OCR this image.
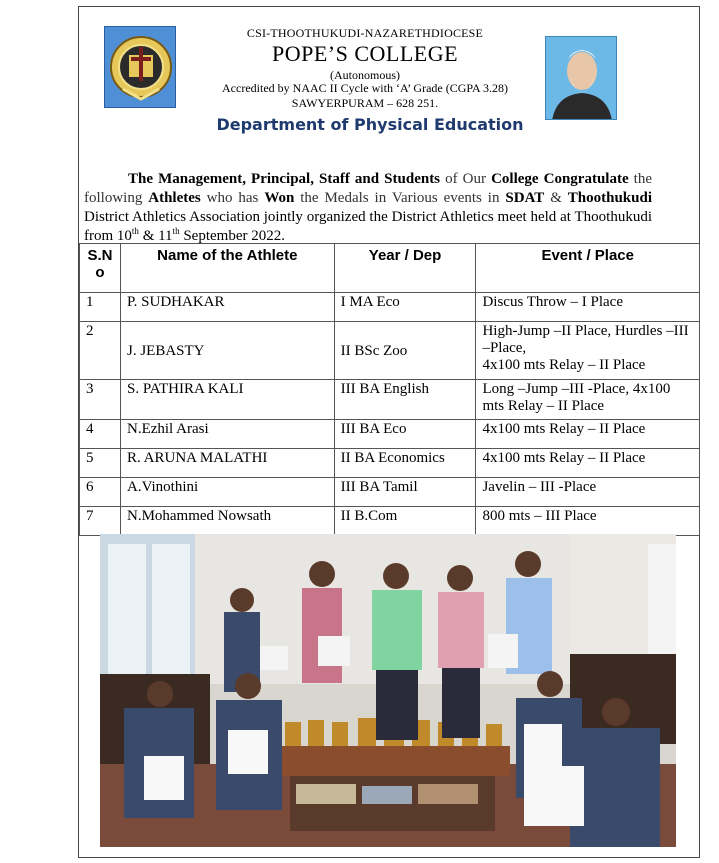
CSI-THOOTHUKUDI-NAZARETHDIOCESE
POPE’S COLLEGE
(Autonomous)
Accredited by NAAC II Cycle with ‘A’ Grade (CGPA 3.28)
SAWYERPURAM – 628 251.
Department of Physical Education
The Management, Principal, Staff and Students of Our College Congratulate the following Athletes who has Won the Medals in Various events in SDAT & Thoothukudi District Athletics Association jointly organized the District Athletics meet held at Thoothukudi from 10th & 11th September 2022.
S.N o	Name of the Athlete	Year / Dep	Event / Place
1	P. SUDHAKAR	I MA Eco	Discus Throw – I Place
2	J. JEBASTY	II BSc Zoo	High-Jump –II Place, Hurdles –III –Place,
4x100 mts Relay – II Place

3	S. PATHIRA KALI	III BA English	Long –Jump –III -Place, 4x100 mts Relay – II Place
4	N.Ezhil Arasi	III BA Eco	4x100 mts Relay – II Place
5	R. ARUNA MALATHI	II BA Economics	4x100 mts Relay – II Place
6	A.Vinothini	III BA Tamil	Javelin – III -Place
7	N.Mohammed Nowsath	II B.Com	800 mts – III Place
